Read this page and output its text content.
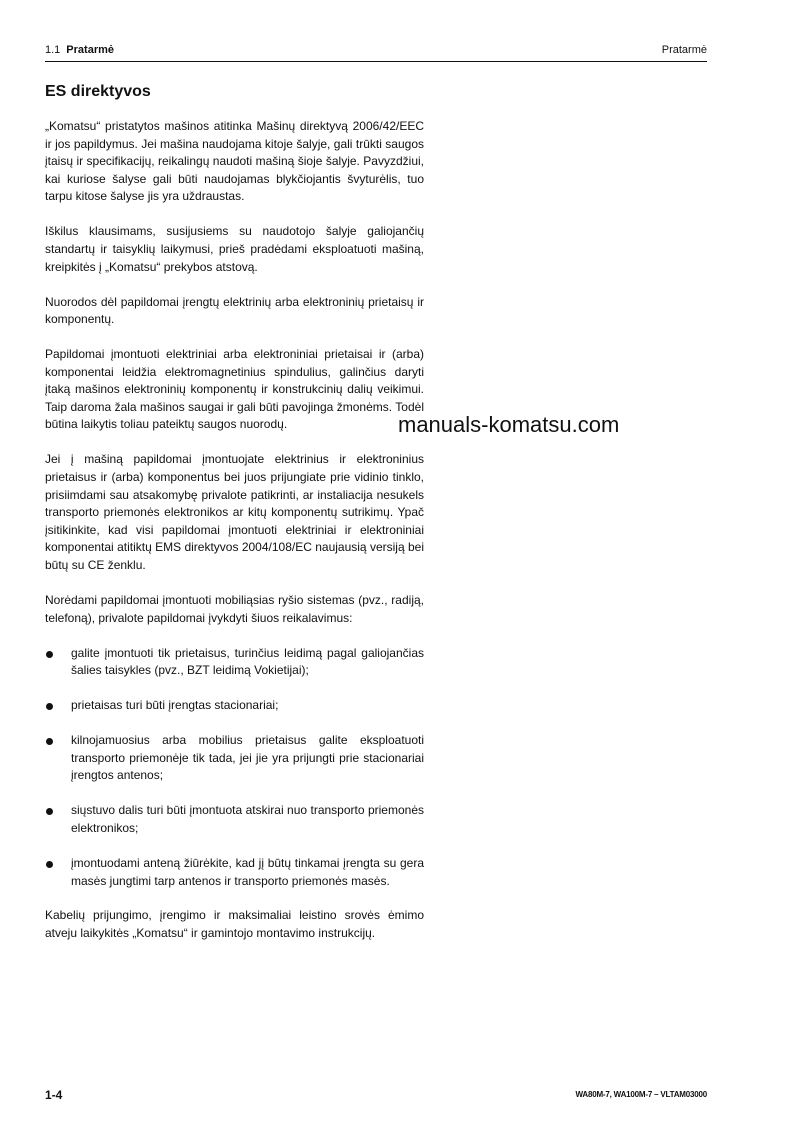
1.1 Pratarmė	Pratarmė
ES direktyvos

„Komatsu“ pristatytos mašinos atitinka Mašinų direktyvą 2006/42/EEC ir jos papildymus. Jei mašina naudojama kitoje šalyje, gali trūkti saugos įtaisų ir specifikacijų, reikalingų naudoti mašiną šioje šalyje. Pavyzdžiui, kai kuriose šalyse gali būti naudojamas blykčiojantis švyturėlis, tuo tarpu kitose šalyse jis yra uždraustas.

Iškilus klausimams, susijusiems su naudotojo šalyje galiojančių standartų ir taisyklių laikymusi, prieš pradėdami eksploatuoti mašiną, kreipkitės į „Komatsu“ prekybos atstovą.

Nuorodos dėl papildomai įrengtų elektrinių arba elektroninių prietaisų ir komponentų.

Papildomai įmontuoti elektriniai arba elektroniniai prietaisai ir (arba) komponentai leidžia elektromagnetinius spindulius, galinčius daryti įtaką mašinos elektroninių komponentų ir konstrukcinių dalių veikimui. Taip daroma žala mašinos saugai ir gali būti pavojinga žmonėms. Todėl būtina laikytis toliau pateiktų saugos nuorodų.

Jei į mašiną papildomai įmontuojate elektrinius ir elektroninius prietaisus ir (arba) komponentus bei juos prijungiate prie vidinio tinklo, prisiimdami sau atsakomybę privalote patikrinti, ar instaliacija nesukels transporto priemonės elektronikos ar kitų komponentų sutrikimų. Ypač įsitikinkite, kad visi papildomai įmontuoti elektriniai ir elektroniniai komponentai atitiktų EMS direktyvos 2004/108/EC naujausią versiją bei būtų su CE ženklu.

Norėdami papildomai įmontuoti mobiliąsias ryšio sistemas (pvz., radiją, telefoną), privalote papildomai įvykdyti šiuos reikalavimus:

galite įmontuoti tik prietaisus, turinčius leidimą pagal galiojančias šalies taisykles (pvz., BZT leidimą Vokietijai);
prietaisas turi būti įrengtas stacionariai;
kilnojamuosius arba mobilius prietaisus galite eksploatuoti transporto priemonėje tik tada, jei jie yra prijungti prie stacionariai įrengtos antenos;
siųstuvo dalis turi būti įmontuota atskirai nuo transporto priemonės elektronikos;
įmontuodami anteną žiūrėkite, kad jį būtų tinkamai įrengta su gera masės jungtimi tarp antenos ir transporto priemonės masės.

Kabelių prijungimo, įrengimo ir maksimaliai leistino srovės ėmimo atveju laikykitės „Komatsu“ ir gamintojo montavimo instrukcijų.

manuals-komatsu.com
1-4	WA80M-7, WA100M-7 – VLTAM03000
